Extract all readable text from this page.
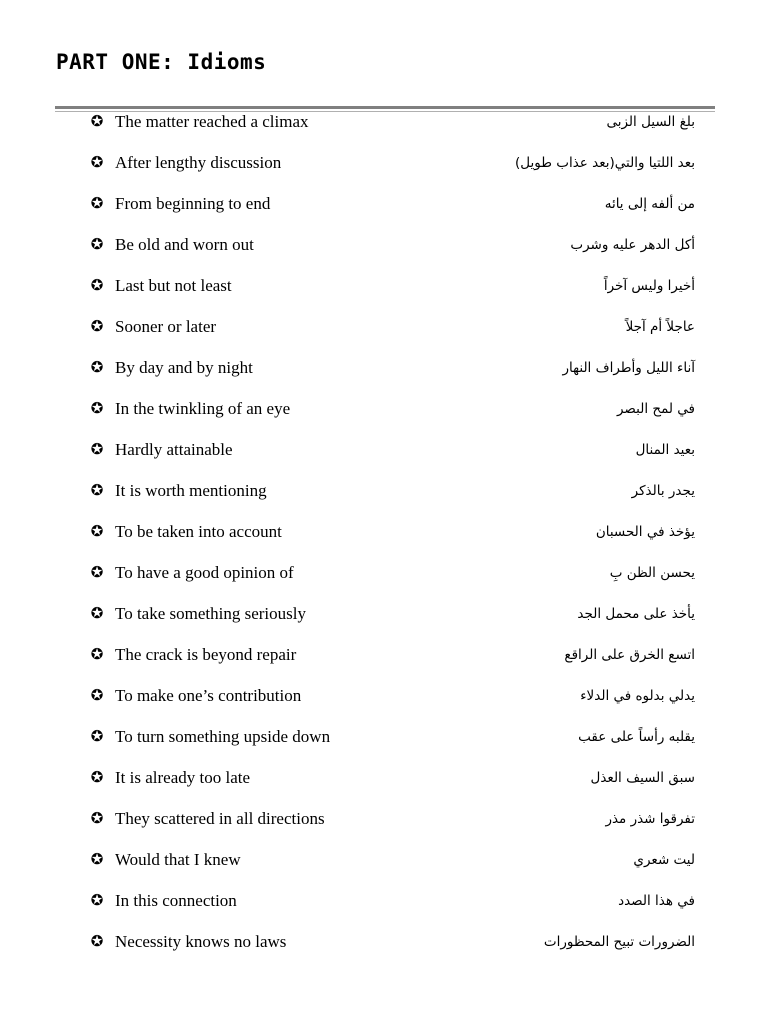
PART ONE: Idioms
✪ The matter reached a climax	بلغ السيل الزبى
✪ After lengthy discussion	بعد اللتيا والتي(بعد عذاب طويل)
✪ From beginning to end	من ألفه إلى يائه
✪ Be old and worn out	أكل الدهر عليه وشرب
✪ Last but not least	أخيرا وليس آخراً
✪ Sooner or later	عاجلاً أم آجلاً
✪ By day and by night	آناء الليل وأطراف النهار
✪ In the twinkling of an eye	في لمح البصر
✪ Hardly attainable	بعيد المنال
✪ It is worth mentioning	يجدر بالذكر
✪ To be taken into account	يؤخذ في الحسبان
✪ To have a good opinion of	يحسن الظن بِ
✪ To take something seriously	يأخذ على محمل الجد
✪ The crack is beyond repair	اتسع الخرق على الراقع
✪ To make one’s contribution	يدلي بدلوه في الدلاء
✪ To turn something upside down	يقلبه رأساً على عقب
✪ It is already too late	سبق السيف العذل
✪ They scattered in all directions	تفرقوا شذر مذر
✪ Would that I knew	ليت شعري
✪ In this connection	في هذا الصدد
✪ Necessity knows no laws	الضرورات تبيح المحظورات
